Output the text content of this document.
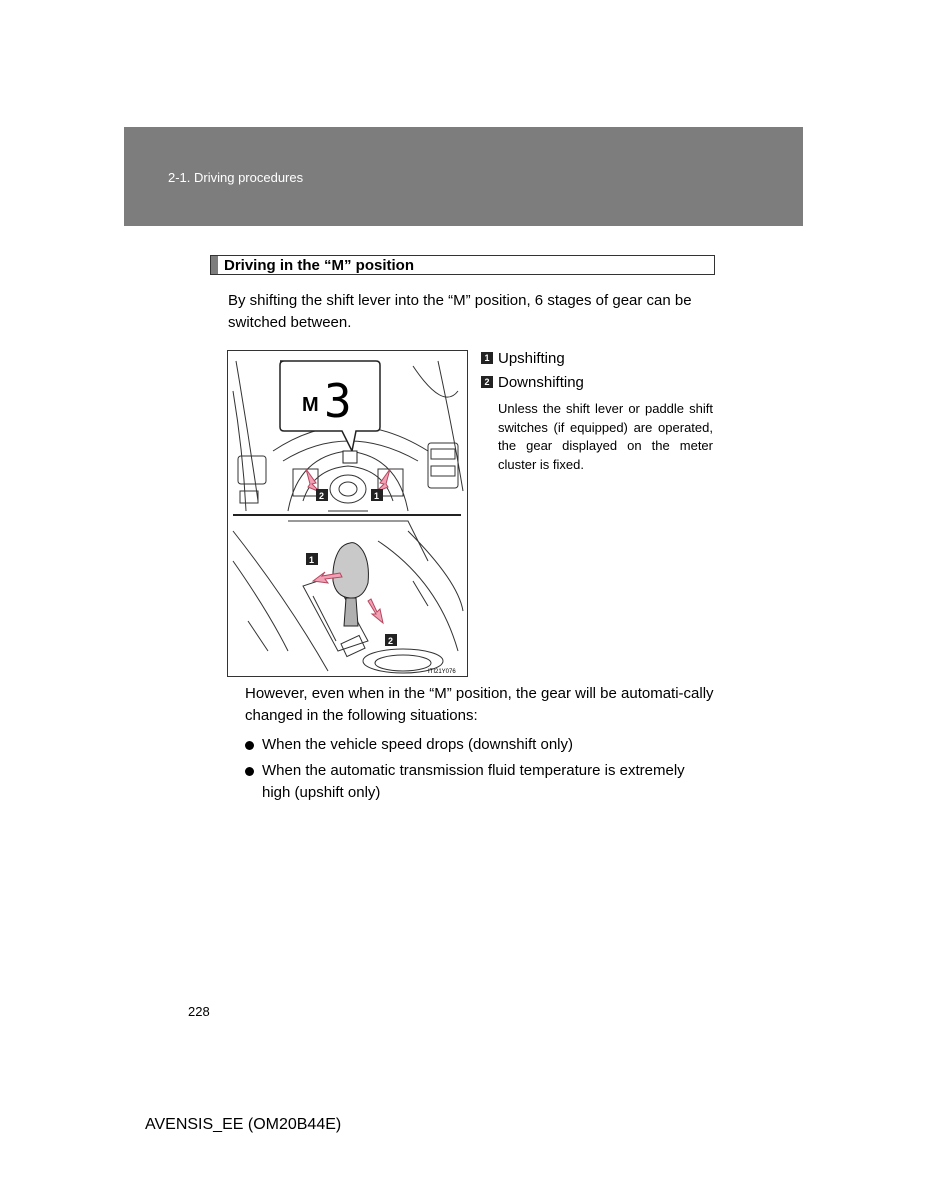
2-1. Driving procedures
Driving in the “M” position
By shifting the shift lever into the “M” position, 6 stages of gear can be switched between.
M 3
2	1
1
2
ITI21Y076
1 Upshifting
2 Downshifting
Unless the shift lever or paddle shift switches (if equipped) are operated, the gear displayed on the meter cluster is fixed.
However, even when in the “M” position, the gear will be automati-cally changed in the following situations:
When the vehicle speed drops (downshift only)
When the automatic transmission fluid temperature is extremely high (upshift only)
228
AVENSIS_EE (OM20B44E)
